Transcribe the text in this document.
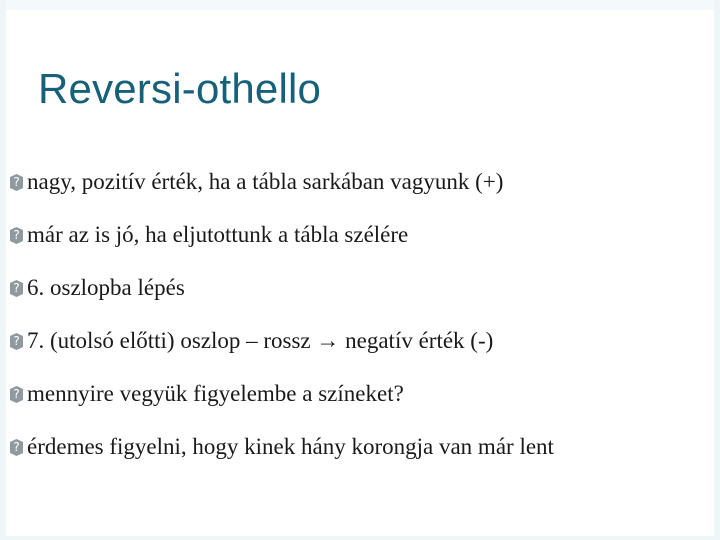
Reversi-othello
?
nagy, pozitív érték, ha a tábla sarkában vagyunk (+)
?
már az is jó, ha eljutottunk a tábla szélére
?
6. oszlopba lépés
?
7. (utolsó előtti) oszlop – rossz → negatív érték (-)
?
mennyire vegyük figyelembe a színeket?
?
érdemes figyelni, hogy kinek hány korongja van már lent
